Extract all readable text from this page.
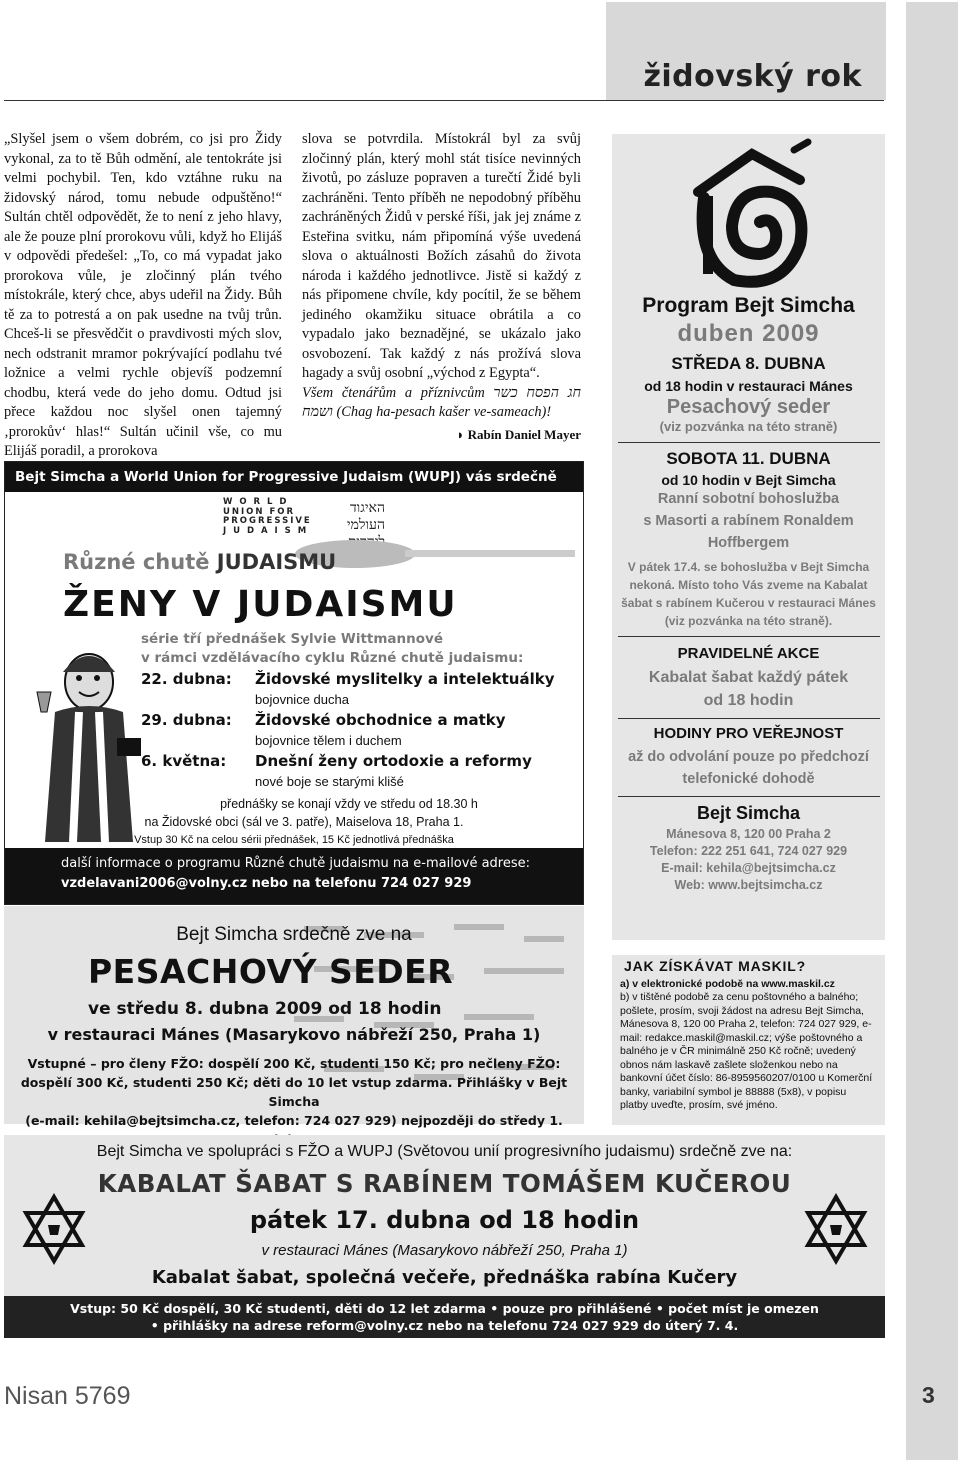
židovský rok
„Slyšel jsem o všem dobrém, co jsi pro Židy vykonal, za to tě Bůh odmění, ale tentokráte jsi velmi pochybil. Ten, kdo vztáhne ruku na židovský národ, tomu nebude odpuštěno!“ Sultán chtěl odpovědět, že to není z jeho hlavy, ale že pouze plní prorokovu vůli, když ho Elijáš v odpovědi předešel: „To, co má vypadat jako prorokova vůle, je zločinný plán tvého místokrále, který chce, abys udeřil na Židy. Bůh tě za to potrestá a on pak usedne na tvůj trůn. Chceš-li se přesvědčit o pravdivosti mých slov, nech odstranit mramor pokrývající podlahu tvé ložnice a velmi rychle objevíš podzemní chodbu, která vede do jeho domu. Odtud jsi přece každou noc slyšel onen tajemný ‚prorokův‘ hlas!“ Sultán učinil vše, co mu Elijáš poradil, a prorokova
slova se potvrdila. Místokrál byl za svůj zločinný plán, který mohl stát tisíce nevinných životů, po zásluze popraven a turečtí Židé byli zachráněni. Tento příběh ne nepodobný příběhu zachráněných Židů v perské říši, jak jej známe z Esteřina svitku, nám připomíná výše uvedená slova o aktuálnosti Božích zásahů do života národa i každého jednotlivce. Jistě si každý z nás připomene chvíle, kdy pocítil, že se během jediného okamžiku situace obrátila a co vypadalo jako beznadějné, se ukázalo jako osvobození. Tak každý z nás prožívá slova hagady a svůj osobní „východ z Egypta“.
Všem čtenářům a příznivcům חג הפסח כשר ושמח (Chag ha-pesach kašer ve-sameach)!
◗ Rabín Daniel Mayer
Program Bejt Simcha
duben 2009
STŘEDA 8. DUBNA
od 18 hodin v restauraci Mánes
Pesachový seder
(viz pozvánka na této straně)
SOBOTA 11. DUBNA
od 10 hodin v Bejt Simcha
Ranní sobotní bohoslužba
s Masorti a rabínem Ronaldem
Hoffbergem
V pátek 17.4. se bohoslužba v Bejt Simcha
nekoná. Místo toho Vás zveme na Kabalat
šabat s rabínem Kučerou v restauraci Mánes
(viz pozvánka na této straně).
PRAVIDELNÉ AKCE
Kabalat šabat každý pátek
od 18 hodin
HODINY PRO VEŘEJNOST
až do odvolání pouze po předchozí
telefonické dohodě
Bejt Simcha
Mánesova 8, 120 00 Praha 2
Telefon: 222 251 641, 724 027 929
E-mail: kehila@bejtsimcha.cz
Web: www.bejtsimcha.cz
JAK ZÍSKÁVAT MASKIL?
a) v elektronické podobě na www.maskil.cz
b) v tištěné podobě za cenu poštovného a balného; pošlete, prosím, svoji žádost na adresu Bejt Simcha, Mánesova 8, 120 00 Praha 2, telefon: 724 027 929, e-mail: redakce.maskil@maskil.cz; výše poštovného a balného je v ČR minimálně 250 Kč ročně; uvedený obnos nám laskavě zašlete složenkou nebo na bankovní účet číslo: 86-8959560207/0100 u Komerční banky, variabilní symbol je 88888 (5x8), v popisu platby uveďte, prosím, své jméno.
Bejt Simcha a World Union for Progressive Judaism (WUPJ) vás srdečně zvou:	W O R L D
UNION FOR
PROGRESSIVE
J U D A I S M
האיגוד
העולמי
Různé chutě JUDAISMU
ŽENY V JUDAISMU
série tří přednášek Sylvie Wittmannové
v rámci vzdělávacího cyklu Různé chutě judaismu:
22. dubna: Židovské myslitelky a intelektuálky
bojovnice ducha
29. dubna: Židovské obchodnice a matky
bojovnice tělem i duchem
6. května: Dnešní ženy ortodoxie a reformy
nové boje se starými klišé
přednášky se konají vždy ve středu od 18.30 h
na Židovské obci (sál ve 3. patře), Maiselova 18, Praha 1.
Vstup 30 Kč na celou sérii přednášek, 15 Kč jednotlivá přednáška
další informace o programu Různé chutě judaismu na e-mailové adrese:
vzdelavani2006@volny.cz nebo na telefonu 724 027 929
Bejt Simcha srdečně zve na
PESACHOVÝ SEDER
ve středu 8. dubna 2009 od 18 hodin
v restauraci Mánes (Masarykovo nábřeží 250, Praha 1)
Vstupné – pro členy FŽO: dospělí 200 Kč, studenti 150 Kč; pro nečleny FŽO:
dospělí 300 Kč, studenti 250 Kč; děti do 10 let vstup zdarma. Přihlášky v Bejt Simcha
(e-mail: kehila@bejtsimcha.cz, telefon: 724 027 929) nejpozději do středy 1.
Bejt Simcha ve spolupráci s FŽO a WUPJ (Světovou unií progresivního judaismu) srdečně zve na:
KABALAT ŠABAT S RABÍNEM TOMÁŠEM KUČEROU
pátek 17. dubna od 18 hodin
v restauraci Mánes (Masarykovo nábřeží 250, Praha 1)
Kabalat šabat, společná večeře, přednáška rabína Kučery
Vstup: 50 Kč dospělí, 30 Kč studenti, děti do 12 let zdarma • pouze pro přihlášené • počet míst je omezen
• přihlášky na adrese reform@volny.cz nebo na telefonu 724 027 929 do úterý 7. 4.
Nisan 5769	3
